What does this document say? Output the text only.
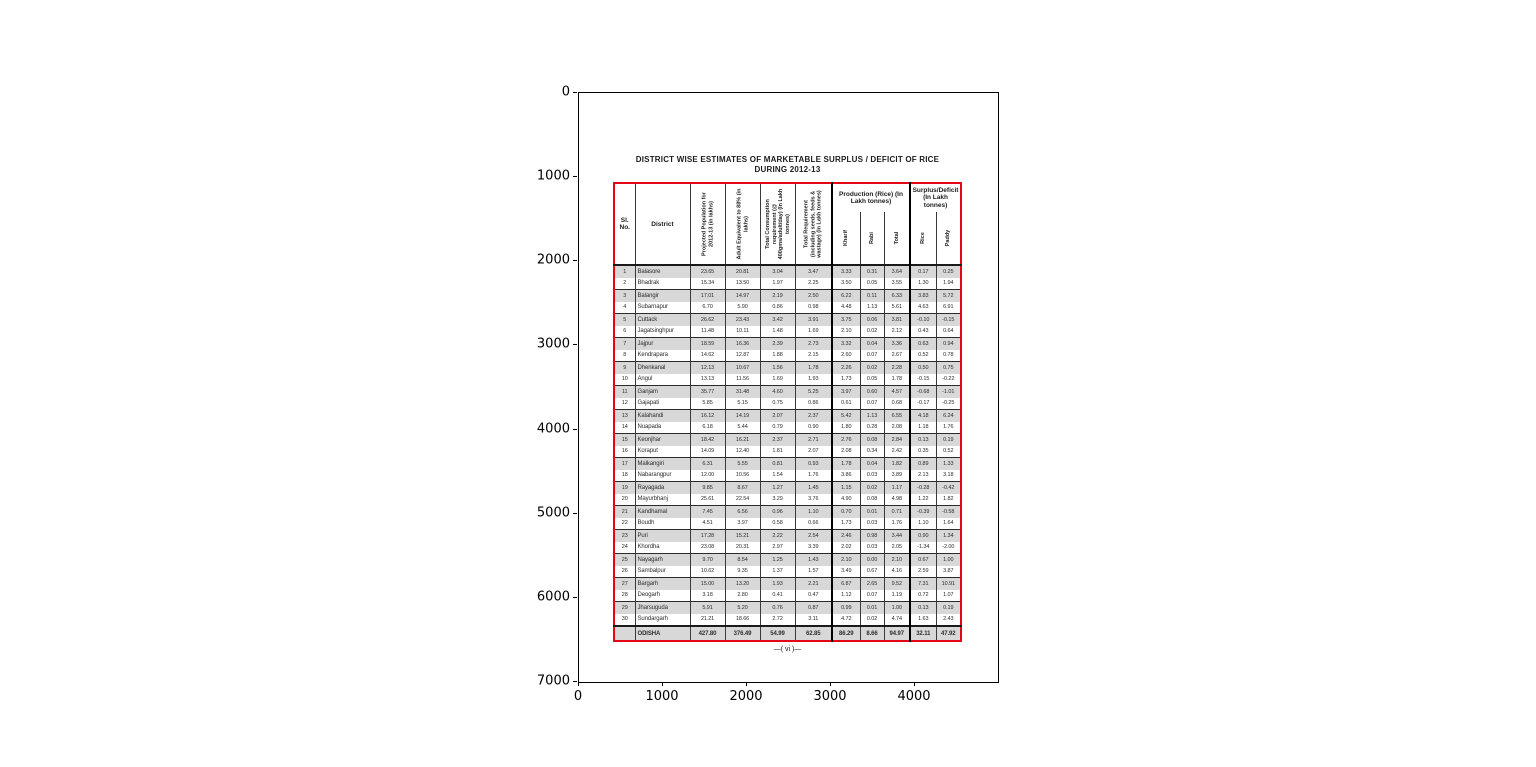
DISTRICT WISE ESTIMATES OF MARKETABLE SURPLUS / DEFICIT OF RICE
DURING 2012-13
Sl. No.	District	Projected Population for 2012-13 (in lakhs)	Adult Equivalent to 88% (in lakhs)	Total Consumption requirement (@ 400gms/adult/day) (In Lakh tonnes)	Total Requirement (including seeds, feeds & wastage) (In Lakh tonnes)	Production (Rice) (In Lakh tonnes)			Surplus/Deficit (In Lakh tonnes)	

						Kharif	Rabi	Total	Rice	Paddy

1	Balasore	23.65	20.81	3.04	3.47	3.33	0.31	3.64	0.17	0.25
2	Bhadrak	15.34	13.50	1.97	2.25	3.50	0.05	3.55	1.30	1.94
3	Balangir	17.01	14.97	2.19	2.50	6.22	0.11	6.33	3.83	5.72
4	Subarnapur	6.70	5.90	0.86	0.98	4.48	1.13	5.61	4.63	6.91
5	Cuttack	26.62	23.43	3.42	3.91	3.75	0.06	3.81	-0.10	-0.15
6	Jagatsinghpur	11.48	10.11	1.48	1.69	2.10	0.02	2.12	0.43	0.64
7	Jajpur	18.59	16.36	2.39	2.73	3.32	0.04	3.36	0.63	0.94
8	Kendrapara	14.62	12.87	1.88	2.15	2.60	0.07	2.67	0.52	0.78
9	Dhenkanal	12.13	10.67	1.56	1.78	2.26	0.02	2.28	0.50	0.75
10	Angul	13.13	11.56	1.69	1.93	1.73	0.05	1.78	-0.15	-0.22
11	Ganjam	35.77	31.48	4.60	5.25	3.97	0.60	4.57	-0.68	-1.01
12	Gajapati	5.85	5.15	0.75	0.86	0.61	0.07	0.68	-0.17	-0.25
13	Kalahandi	16.12	14.19	2.07	2.37	5.42	1.13	6.55	4.18	6.24
14	Nuapada	6.18	5.44	0.79	0.90	1.80	0.28	2.08	1.18	1.76
15	Keonjhar	18.42	16.21	2.37	2.71	2.76	0.08	2.84	0.13	0.19
16	Koraput	14.09	12.40	1.81	2.07	2.08	0.34	2.42	0.35	0.52
17	Malkangiri	6.31	5.55	0.81	0.93	1.78	0.04	1.82	0.89	1.33
18	Nabarangpur	12.00	10.56	1.54	1.76	3.86	0.03	3.89	2.13	3.18
19	Rayagada	9.85	8.67	1.27	1.45	1.15	0.02	1.17	-0.28	-0.42
20	Mayurbhanj	25.61	22.54	3.29	3.76	4.90	0.08	4.98	1.22	1.82
21	Kandhamal	7.45	6.56	0.96	1.10	0.70	0.01	0.71	-0.39	-0.58
22	Boudh	4.51	3.97	0.58	0.66	1.73	0.03	1.76	1.10	1.64
23	Puri	17.28	15.21	2.22	2.54	2.46	0.98	3.44	0.90	1.34
24	Khordha	23.08	20.31	2.97	3.39	2.02	0.03	2.05	-1.34	-2.00
25	Nayagarh	9.70	8.54	1.25	1.43	2.10	0.00	2.10	0.67	1.00
26	Sambalpur	10.62	9.35	1.37	1.57	3.49	0.67	4.16	2.59	3.87
27	Bargarh	15.00	13.20	1.93	2.21	6.87	2.65	9.52	7.31	10.91
28	Deogarh	3.18	2.80	0.41	0.47	1.12	0.07	1.19	0.72	1.07
29	Jharsuguda	5.91	5.20	0.76	0.87	0.99	0.01	1.00	0.13	0.19
30	Sundargarh	21.21	18.66	2.72	3.11	4.72	0.02	4.74	1.63	2.43
	ODISHA	427.80	376.49	54.99	62.85	86.29	8.66	94.97	32.11	47.92
—( vi )—
0	1000	2000	3000	4000
0
1000
2000
3000
4000
5000
6000
7000
